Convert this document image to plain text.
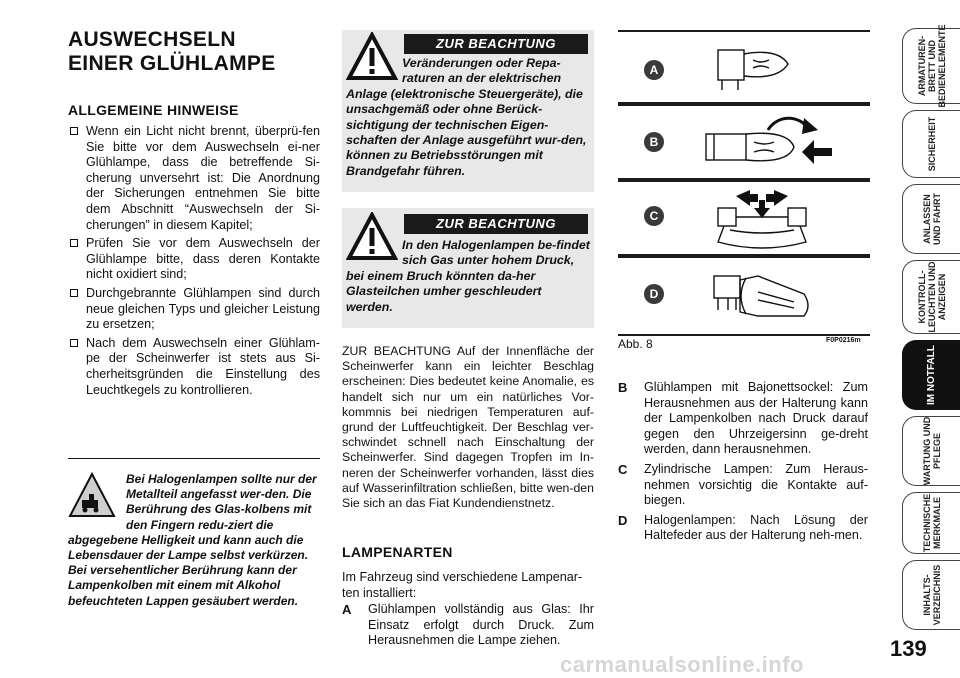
AUSWECHSELN
EINER GLÜHLAMPE
ALLGEMEINE HINWEISE
Wenn ein Licht nicht brennt, überprü-fen Sie bitte vor dem Auswechseln ei-ner Glühlampe, dass die betreffende Si-cherung unversehrt ist: Die Anordnung der Sicherungen entnehmen Sie bitte dem Abschnitt “Auswechseln der Si-cherungen” in diesem Kapitel;
Prüfen Sie vor dem Auswechseln der Glühlampe bitte, dass deren Kontakte nicht oxidiert sind;
Durchgebrannte Glühlampen sind durch neue gleichen Typs und gleicher Leistung zu ersetzen;
Nach dem Auswechseln einer Glühlam-pe der Scheinwerfer ist stets aus Si-cherheitsgründen die Einstellung des Leuchtkegels zu kontrollieren.
Bei Halogenlampen sollte nur der Metallteil angefasst wer-den. Die Berührung des Glas-kolbens mit den Fingern redu-ziert die abgegebene Helligkeit und kann auch die Lebensdauer der Lampe selbst verkürzen. Bei versehentlicher Berührung kann der Lampenkolben mit einem mit Alkohol befeuchteten Lappen gesäubert werden.
ZUR BEACHTUNG
Veränderungen oder Repa-raturen an der elektrischen Anlage (elektronische Steuergeräte), die unsachgemäß oder ohne Berück-sichtigung der technischen Eigen-schaften der Anlage ausgeführt wur-den, können zu Betriebsstörungen mit Brandgefahr führen.
ZUR BEACHTUNG
In den Halogenlampen be-findet sich Gas unter hohem Druck, bei einem Bruch könnten da-her Glasteilchen umher geschleudert werden.
ZUR BEACHTUNG Auf der Innenfläche der Scheinwerfer kann ein leichter Beschlag erscheinen: Dies bedeutet keine Anomalie, es handelt sich nur um ein natürliches Vor-kommnis bei niedrigen Temperaturen auf-grund der Luftfeuchtigkeit. Der Beschlag ver-schwindet schnell nach Einschaltung der Scheinwerfer. Sind dagegen Tropfen im In-neren der Scheinwerfer vorhanden, lässt dies auf Wasserinfiltration schließen, bitte wen-den Sie sich an das Fiat Kundendienstnetz.
LAMPENARTEN
Im Fahrzeug sind verschiedene Lampenar-ten installiert:
A Glühlampen vollständig aus Glas: Ihr Einsatz erfolgt durch Druck. Zum Herausnehmen die Lampe ziehen.
A
B
C
D
Abb. 8	F0P0216m
B Glühlampen mit Bajonettsockel: Zum Herausnehmen aus der Halterung kann der Lampenkolben nach Druck darauf gegen den Uhrzeigersinn ge-dreht werden, dann herausnehmen.
C Zylindrische Lampen: Zum Heraus-nehmen vorsichtig die Kontakte auf-biegen.
D Halogenlampen: Nach Lösung der Haltefeder aus der Halterung neh-men.
ARMATUREN-
BRETT UND
BEDIENELEMENTE
SICHERHEIT
ANLASSEN
UND FAHRT
KONTROLL-
LEUCHTEN UND
ANZEIGEN
IM NOTFALL
WARTUNG UND
PFLEGE
TECHNISCHE
MERKMALE
INHALTS-
VERZEICHNIS
139
carmanualsonline.info
